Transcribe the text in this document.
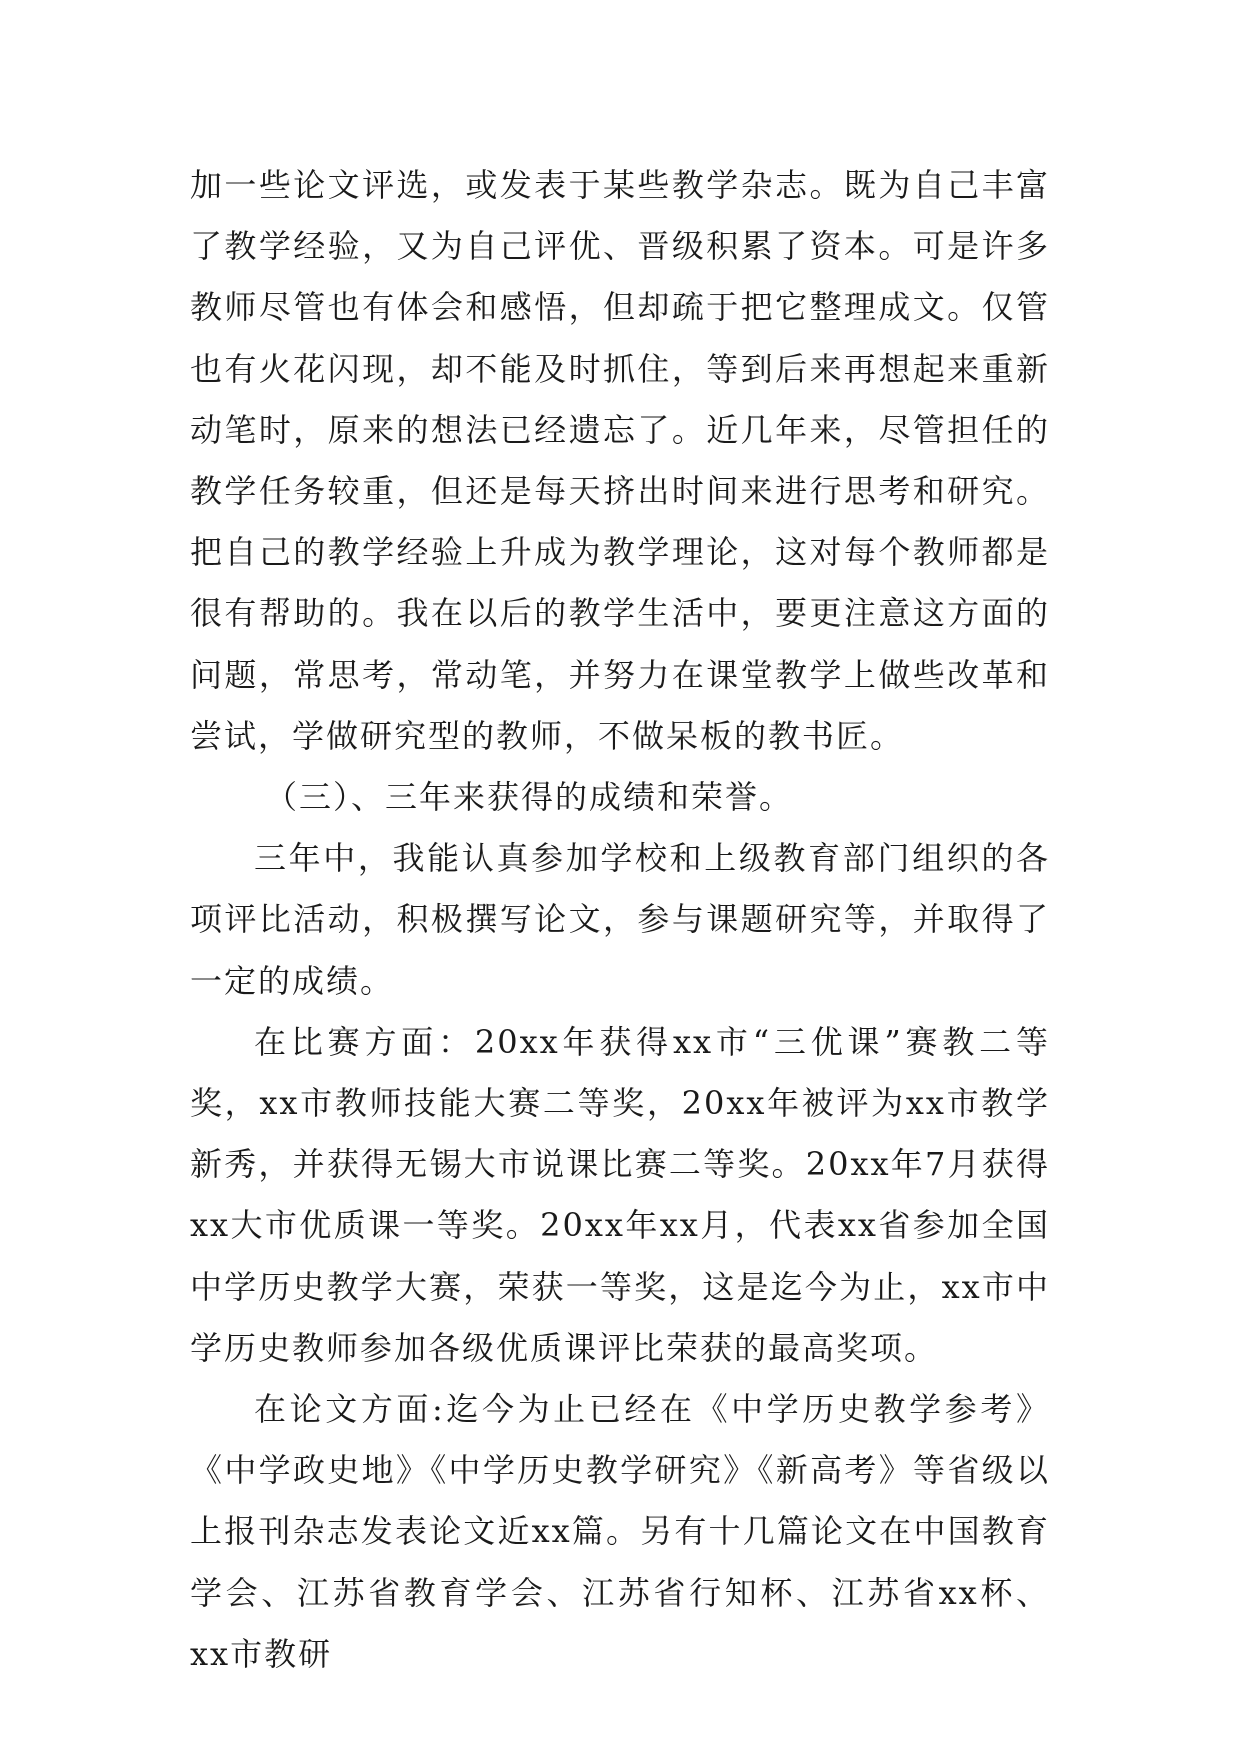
加一些论文评选，或发表于某些教学杂志。既为自己丰富了教学经验，又为自己评优、晋级积累了资本。可是许多教师尽管也有体会和感悟，但却疏于把它整理成文。仅管也有火花闪现，却不能及时抓住，等到后来再想起来重新动笔时，原来的想法已经遗忘了。近几年来，尽管担任的教学任务较重，但还是每天挤出时间来进行思考和研究。把自己的教学经验上升成为教学理论，这对每个教师都是很有帮助的。我在以后的教学生活中，要更注意这方面的问题，常思考，常动笔，并努力在课堂教学上做些改革和尝试，学做研究型的教师，不做呆板的教书匠。

（三）、三年来获得的成绩和荣誉。

三年中，我能认真参加学校和上级教育部门组织的各项评比活动，积极撰写论文，参与课题研究等，并取得了一定的成绩。

在比赛方面：20xx年获得xx市“三优课”赛教二等奖，xx市教师技能大赛二等奖，20xx年被评为xx市教学新秀，并获得无锡大市说课比赛二等奖。20xx年7月获得xx大市优质课一等奖。20xx年xx月，代表xx省参加全国中学历史教学大赛，荣获一等奖，这是迄今为止，xx市中学历史教师参加各级优质课评比荣获的最高奖项。

在论文方面:迄今为止已经在《中学历史教学参考》《中学政史地》《中学历史教学研究》《新高考》等省级以上报刊杂志发表论文近xx篇。另有十几篇论文在中国教育学会、江苏省教育学会、江苏省行知杯、江苏省xx杯、xx市教研
